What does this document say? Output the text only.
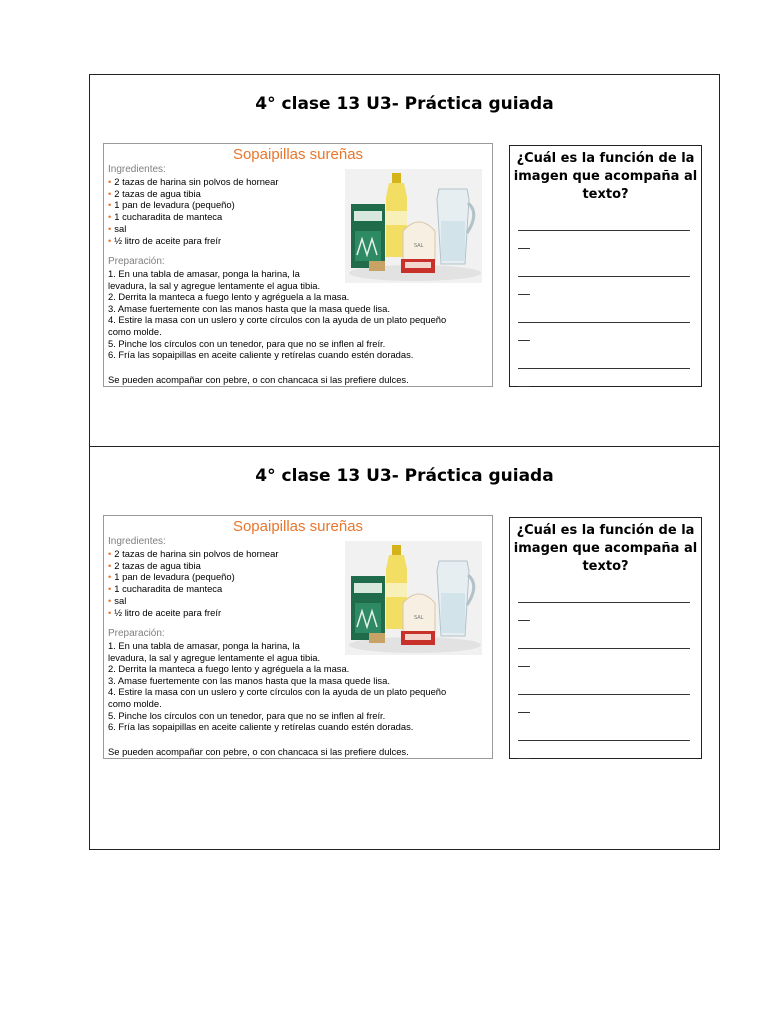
4° clase 13 U3- Práctica guiada
Sopaipillas sureñas
Ingredientes:
• 2 tazas de harina sin polvos de hornear
• 2 tazas de agua tibia
• 1 pan de levadura (pequeño)
• 1 cucharadita de manteca
• sal
• ½ litro de aceite para freír
Preparación:
1. En una tabla de amasar, ponga la harina, la
levadura, la sal y agregue lentamente el agua tibia.
2. Derrita la manteca a fuego lento y agréguela a la masa.
3. Amase fuertemente con las manos hasta que la masa quede lisa.
4. Estire la masa con un uslero y corte círculos con la ayuda de un plato pequeño
como molde.
5. Pinche los círculos con un tenedor, para que no se inflen al freír.
6. Fría las sopaipillas en aceite caliente y retírelas cuando estén doradas.
Se pueden acompañar con pebre, o con chancaca si las prefiere dulces.
SAL
¿Cuál es la función de la imagen que acompaña al texto?
4° clase 13 U3- Práctica guiada
Sopaipillas sureñas
Ingredientes:
• 2 tazas de harina sin polvos de hornear
• 2 tazas de agua tibia
• 1 pan de levadura (pequeño)
• 1 cucharadita de manteca
• sal
• ½ litro de aceite para freír
Preparación:
1. En una tabla de amasar, ponga la harina, la
levadura, la sal y agregue lentamente el agua tibia.
2. Derrita la manteca a fuego lento y agréguela a la masa.
3. Amase fuertemente con las manos hasta que la masa quede lisa.
4. Estire la masa con un uslero y corte círculos con la ayuda de un plato pequeño
como molde.
5. Pinche los círculos con un tenedor, para que no se inflen al freír.
6. Fría las sopaipillas en aceite caliente y retírelas cuando estén doradas.
Se pueden acompañar con pebre, o con chancaca si las prefiere dulces.
SAL
¿Cuál es la función de la imagen que acompaña al texto?
